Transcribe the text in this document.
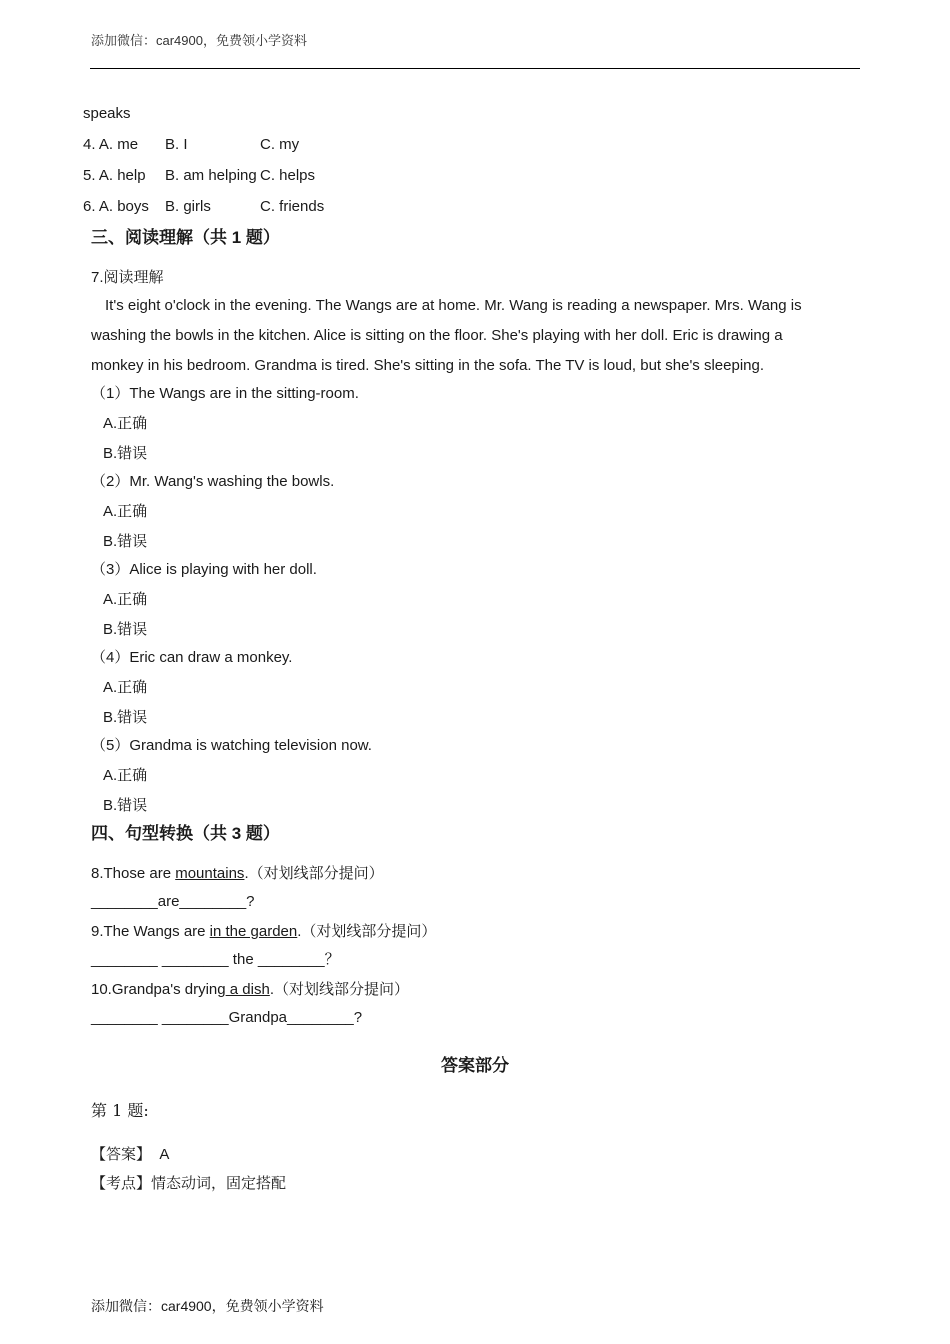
添加微信：car4900，免费领小学资料
speaks
4. A. me B. I	C. my
5. A. help B. am helping C. helps
6. A. boys B. girls	C. friends
三、阅读理解（共 1 题）
7.阅读理解
It's eight o'clock in the evening. The Wangs are at home. Mr. Wang is reading a newspaper. Mrs. Wang is
washing the bowls in the kitchen. Alice is sitting on the floor. She's playing with her doll. Eric is drawing a
monkey in his bedroom. Grandma is tired. She's sitting in the sofa. The TV is loud, but she's sleeping.
（1）The Wangs are in the sitting-room.
A.正确
B.错误
（2）Mr. Wang's washing the bowls.
A.正确
B.错误
（3）Alice is playing with her doll.
A.正确
B.错误
（4）Eric can draw a monkey.
A.正确
B.错误
（5）Grandma is watching television now.
A.正确
B.错误
四、句型转换（共 3 题）
8.Those are mountains.（对划线部分提问）
________are________?
9.The Wangs are in the garden.（对划线部分提问）
________ ________ the ________？
10.Grandpa's drying a dish.（对划线部分提问）
________ ________Grandpa________?
答案部分
第 1 题:
【答案】 A
【考点】情态动词，固定搭配
添加微信：car4900，免费领小学资料
